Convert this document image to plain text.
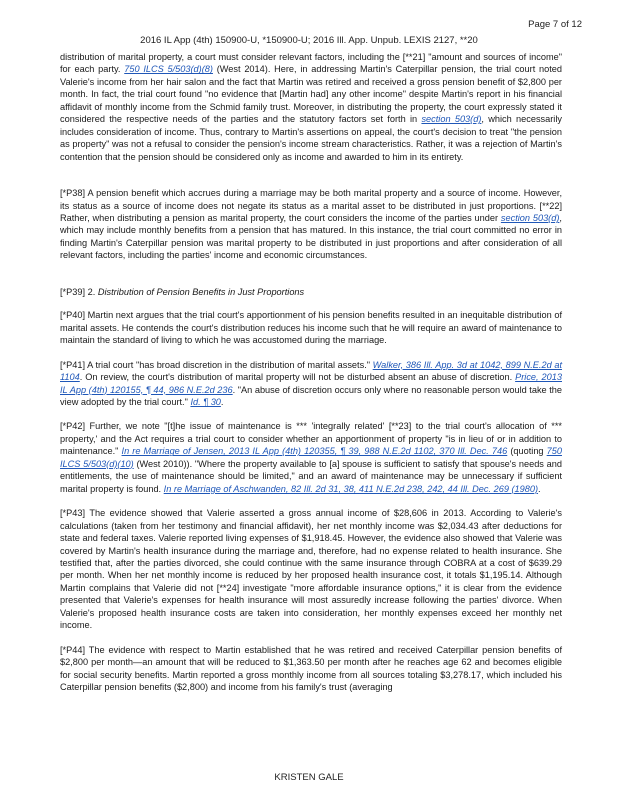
Page 7 of 12
2016 IL App (4th) 150900-U, *150900-U; 2016 Ill. App. Unpub. LEXIS 2127, **20

distribution of marital property, a court must consider relevant factors, including the [**21] "amount and sources of income" for each party. 750 ILCS 5/503(d)(8) (West 2014). Here, in addressing Martin's Caterpillar pension, the trial court noted Valerie's income from her hair salon and the fact that Martin was retired and received a gross pension benefit of $2,800 per month. In fact, the trial court found "no evidence that [Martin had] any other income" despite Martin's report in his financial affidavit of monthly income from the Schmid family trust. Moreover, in distributing the property, the court expressly stated it considered the respective needs of the parties and the statutory factors set forth in section 503(d), which necessarily includes consideration of income. Thus, contrary to Martin's assertions on appeal, the court's decision to treat "the pension as property" was not a refusal to consider the pension's income stream characteristics. Rather, it was a rejection of Martin's contention that the pension should be considered only as income and awarded to him in its entirety.

[*P38] A pension benefit which accrues during a marriage may be both marital property and a source of income. However, its status as a source of income does not negate its status as a marital asset to be distributed in just proportions. [**22] Rather, when distributing a pension as marital property, the court considers the income of the parties under section 503(d), which may include monthly benefits from a pension that has matured. In this instance, the trial court committed no error in finding Martin's Caterpillar pension was marital property to be distributed in just proportions and after consideration of all relevant factors, including the parties' income and economic circumstances.

[*P39] 2. Distribution of Pension Benefits in Just Proportions

[*P40] Martin next argues that the trial court's apportionment of his pension benefits resulted in an inequitable distribution of marital assets. He contends the court's distribution reduces his income such that he will require an award of maintenance to maintain the standard of living to which he was accustomed during the marriage.

[*P41] A trial court "has broad discretion in the distribution of marital assets." Walker, 386 Ill. App. 3d at 1042, 899 N.E.2d at 1104. On review, the court's distribution of marital property will not be disturbed absent an abuse of discretion. Price, 2013 IL App (4th) 120155, ¶ 44, 986 N.E.2d 236. "An abuse of discretion occurs only where no reasonable person would take the view adopted by the trial court." Id. ¶ 30.

[*P42] Further, we note "[t]he issue of maintenance is *** 'integrally related' [**23] to the trial court's allocation of *** property,' and the Act requires a trial court to consider whether an apportionment of property "is in lieu of or in addition to maintenance." In re Marriage of Jensen, 2013 IL App (4th) 120355, ¶ 39, 988 N.E.2d 1102, 370 Ill. Dec. 746 (quoting 750 ILCS 5/503(d)(10) (West 2010)). "Where the property available to [a] spouse is sufficient to satisfy that spouse's needs and entitlements, the use of maintenance should be limited," and an award of maintenance may be unnecessary if sufficient marital property is found. In re Marriage of Aschwanden, 82 Ill. 2d 31, 38, 411 N.E.2d 238, 242, 44 Ill. Dec. 269 (1980).

[*P43] The evidence showed that Valerie asserted a gross annual income of $28,606 in 2013. According to Valerie's calculations (taken from her testimony and financial affidavit), her net monthly income was $2,034.43 after deductions for state and federal taxes. Valerie reported living expenses of $1,918.45. However, the evidence also showed that Valerie was covered by Martin's health insurance during the marriage and, therefore, had no expense related to health insurance. She testified that, after the parties divorced, she could continue with the same insurance through COBRA at a cost of $639.29 per month. When her net monthly income is reduced by her proposed health insurance cost, it totals $1,195.14. Although Martin complains that Valerie did not [**24] investigate "more affordable insurance options," it is clear from the evidence presented that Valerie's expenses for health insurance will most assuredly increase following the parties' divorce. When Valerie's proposed health insurance costs are taken into consideration, her monthly expenses exceed her monthly net income.

[*P44] The evidence with respect to Martin established that he was retired and received Caterpillar pension benefits of $2,800 per month—an amount that will be reduced to $1,363.50 per month after he reaches age 62 and becomes eligible for social security benefits. Martin reported a gross monthly income from all sources totaling $3,278.17, which included his Caterpillar pension benefits ($2,800) and income from his family's trust (averaging

KRISTEN GALE
